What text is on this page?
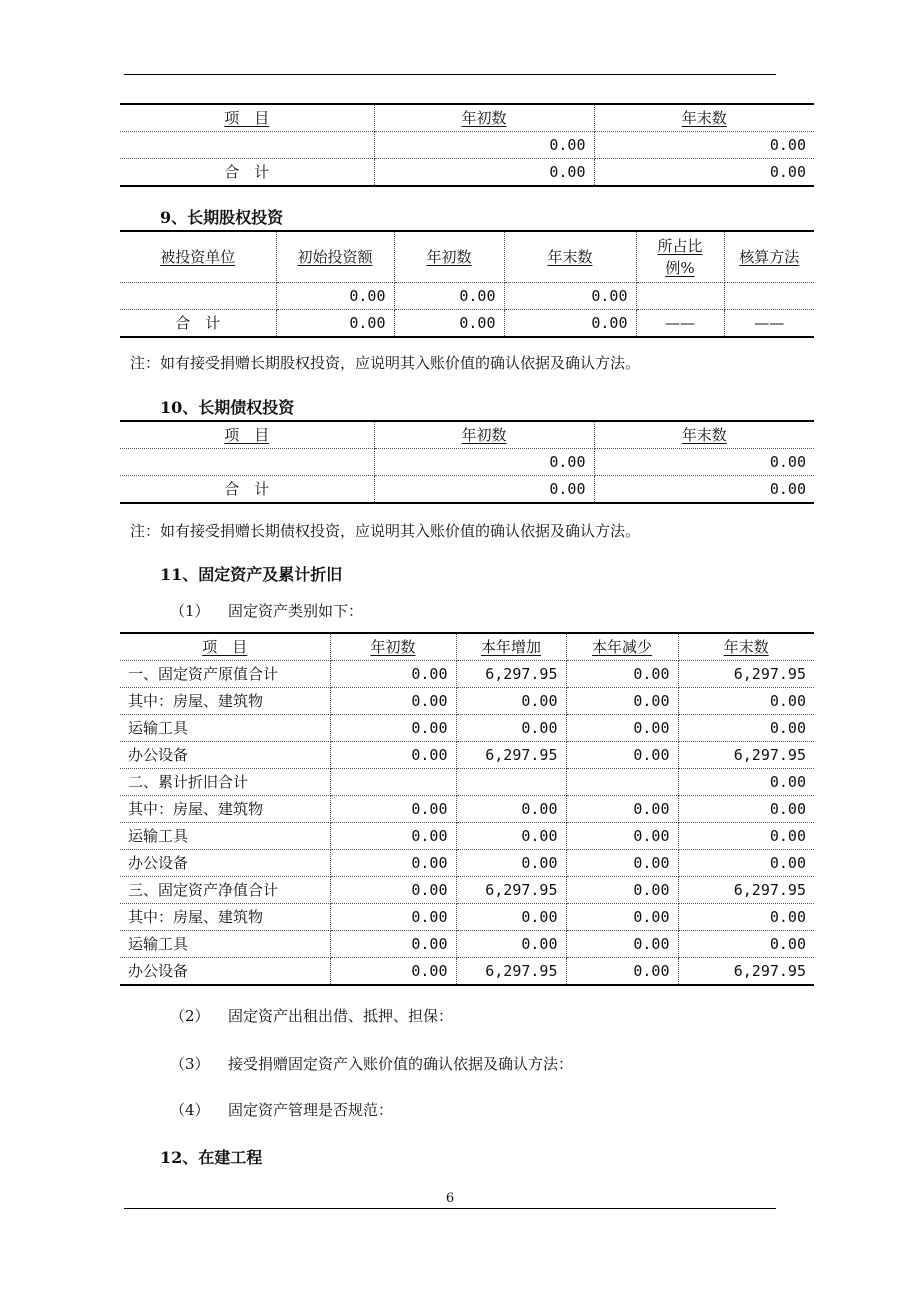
项　目	年初数	年末数
	0.00	0.00
合　计	0.00	0.00
9、长期股权投资
被投资单位	初始投资额	年初数	年末数	所占比例%	核算方法
	0.00	0.00	0.00		
合　计	0.00	0.00	0.00	——	——
注：如有接受捐赠长期股权投资，应说明其入账价值的确认依据及确认方法。
10、长期债权投资
项　目	年初数	年末数
	0.00	0.00
合　计	0.00	0.00
注：如有接受捐赠长期债权投资，应说明其入账价值的确认依据及确认方法。
11、固定资产及累计折旧
（1） 固定资产类别如下：
项　目	年初数	本年增加	本年减少	年末数
一、固定资产原值合计	0.00	6,297.95	0.00	6,297.95
其中：房屋、建筑物	0.00	0.00	0.00	0.00
运输工具	0.00	0.00	0.00	0.00
办公设备	0.00	6,297.95	0.00	6,297.95
二、累计折旧合计				0.00
其中：房屋、建筑物	0.00	0.00	0.00	0.00
运输工具	0.00	0.00	0.00	0.00
办公设备	0.00	0.00	0.00	0.00
三、固定资产净值合计	0.00	6,297.95	0.00	6,297.95
其中：房屋、建筑物	0.00	0.00	0.00	0.00
运输工具	0.00	0.00	0.00	0.00
办公设备	0.00	6,297.95	0.00	6,297.95
（2） 固定资产出租出借、抵押、担保：
（3） 接受捐赠固定资产入账价值的确认依据及确认方法：
（4） 固定资产管理是否规范：
12、在建工程
6
